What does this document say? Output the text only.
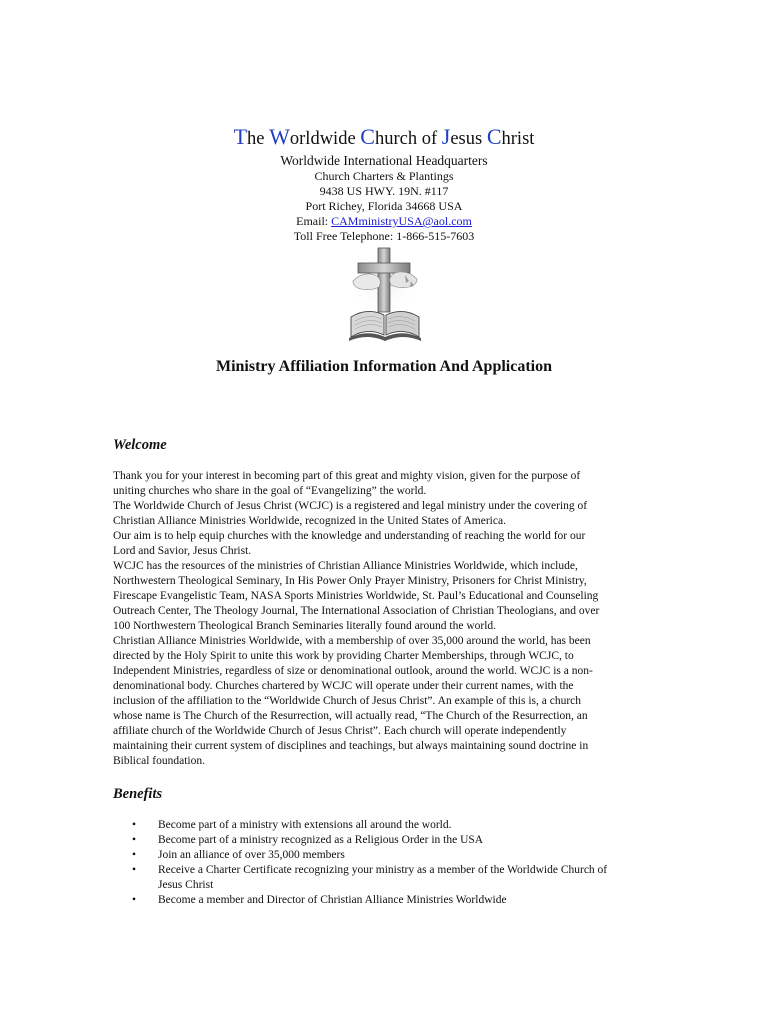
The Worldwide Church of Jesus Christ
Worldwide International Headquarters
Church Charters & Plantings
9438 US HWY. 19N. #117
Port Richey, Florida 34668 USA
Email: CAMministryUSA@aol.com
Toll Free Telephone: 1-866-515-7603
Ministry Affiliation Information And Application
Welcome
Thank you for your interest in becoming part of this great and mighty vision, given for the purpose of
uniting churches who share in the goal of “Evangelizing” the world.
The Worldwide Church of Jesus Christ (WCJC) is a registered and legal ministry under the covering of
Christian Alliance Ministries Worldwide, recognized in the United States of America.
Our aim is to help equip churches with the knowledge and understanding of reaching the world for our
Lord and Savior, Jesus Christ.
WCJC has the resources of the ministries of Christian Alliance Ministries Worldwide, which include,
Northwestern Theological Seminary, In His Power Only Prayer Ministry, Prisoners for Christ Ministry,
Firescape Evangelistic Team, NASA Sports Ministries Worldwide, St. Paul’s Educational and Counseling
Outreach Center, The Theology Journal, The International Association of Christian Theologians, and over
100 Northwestern Theological Branch Seminaries literally found around the world.
Christian Alliance Ministries Worldwide, with a membership of over 35,000 around the world, has been
directed by the Holy Spirit to unite this work by providing Charter Memberships, through WCJC, to
Independent Ministries, regardless of size or denominational outlook, around the world. WCJC is a non-
denominational body. Churches chartered by WCJC will operate under their current names, with the
inclusion of the affiliation to the “Worldwide Church of Jesus Christ”. An example of this is, a church
whose name is The Church of the Resurrection, will actually read, “The Church of the Resurrection, an
affiliate church of the Worldwide Church of Jesus Christ”. Each church will operate independently
maintaining their current system of disciplines and teachings, but always maintaining sound doctrine in
Biblical foundation.
Benefits
• Become part of a ministry with extensions all around the world.
• Become part of a ministry recognized as a Religious Order in the USA
• Join an alliance of over 35,000 members
• Receive a Charter Certificate recognizing your ministry as a member of the Worldwide Church of
Jesus Christ
• Become a member and Director of Christian Alliance Ministries Worldwide
